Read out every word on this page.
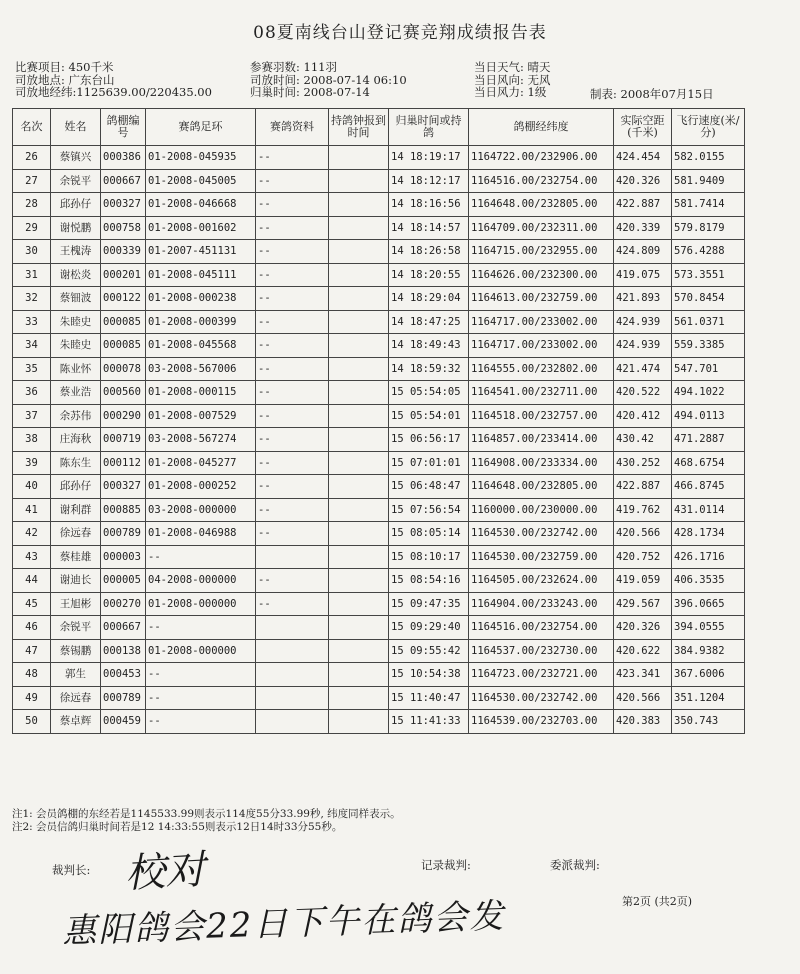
08夏南线台山登记赛竞翔成绩报告表
比赛项目: 450千米
司放地点: 广东台山
司放地经纬:1125639.00/220435.00
参赛羽数: 111羽
司放时间: 2008-07-14 06:10
归巢时间: 2008-07-14
当日天气: 晴天
当日风向: 无风
当日风力: 1级	制表: 2008年07月15日
名次	姓名	鸽棚编号	赛鸽足环	赛鸽资料	持鸽钟报到时间	归巢时间或持鸽	鸽棚经纬度	实际空距(千米)	飞行速度(米/分)
26	蔡镇兴	000386	01-2008-045935	--		14 18:19:17	1164722.00/232906.00	424.454	582.0155
27	余锐平	000667	01-2008-045005	--		14 18:12:17	1164516.00/232754.00	420.326	581.9409
28	邱孙仔	000327	01-2008-046668	--		14 18:16:56	1164648.00/232805.00	422.887	581.7414
29	谢悦鹏	000758	01-2008-001602	--		14 18:14:57	1164709.00/232311.00	420.339	579.8179
30	王槐涛	000339	01-2007-451131	--		14 18:26:58	1164715.00/232955.00	424.809	576.4288
31	谢松炎	000201	01-2008-045111	--		14 18:20:55	1164626.00/232300.00	419.075	573.3551
32	蔡钿波	000122	01-2008-000238	--		14 18:29:04	1164613.00/232759.00	421.893	570.8454
33	朱睦史	000085	01-2008-000399	--		14 18:47:25	1164717.00/233002.00	424.939	561.0371
34	朱睦史	000085	01-2008-045568	--		14 18:49:43	1164717.00/233002.00	424.939	559.3385
35	陈业怀	000078	03-2008-567006	--		14 18:59:32	1164555.00/232802.00	421.474	547.701
36	蔡业浩	000560	01-2008-000115	--		15 05:54:05	1164541.00/232711.00	420.522	494.1022
37	余苏伟	000290	01-2008-007529	--		15 05:54:01	1164518.00/232757.00	420.412	494.0113
38	庄海秋	000719	03-2008-567274	--		15 06:56:17	1164857.00/233414.00	430.42	471.2887
39	陈东生	000112	01-2008-045277	--		15 07:01:01	1164908.00/233334.00	430.252	468.6754
40	邱孙仔	000327	01-2008-000252	--		15 06:48:47	1164648.00/232805.00	422.887	466.8745
41	谢利群	000885	03-2008-000000	--		15 07:56:54	1160000.00/230000.00	419.762	431.0114
42	徐远春	000789	01-2008-046988	--		15 08:05:14	1164530.00/232742.00	420.566	428.1734
43	蔡桂雄	000003	--			15 08:10:17	1164530.00/232759.00	420.752	426.1716
44	谢迪长	000005	04-2008-000000	--		15 08:54:16	1164505.00/232624.00	419.059	406.3535
45	王旭彬	000270	01-2008-000000	--		15 09:47:35	1164904.00/233243.00	429.567	396.0665
46	余锐平	000667	--			15 09:29:40	1164516.00/232754.00	420.326	394.0555
47	蔡锡鹏	000138	01-2008-000000			15 09:55:42	1164537.00/232730.00	420.622	384.9382
48	郭生	000453	--			15 10:54:38	1164723.00/232721.00	423.341	367.6006
49	徐远春	000789	--			15 11:40:47	1164530.00/232742.00	420.566	351.1204
50	蔡卓辉	000459	--			15 11:41:33	1164539.00/232703.00	420.383	350.743
注1: 会员鸽棚的东经若是1145533.99则表示114度55分33.99秒, 纬度同样表示。
注2: 会员信鸽归巢时间若是12 14:33:55则表示12日14时33分55秒。
裁判长:	记录裁判:	委派裁判:
第2页 (共2页)
校对
惠阳鸽会22日下午在鸽会发
